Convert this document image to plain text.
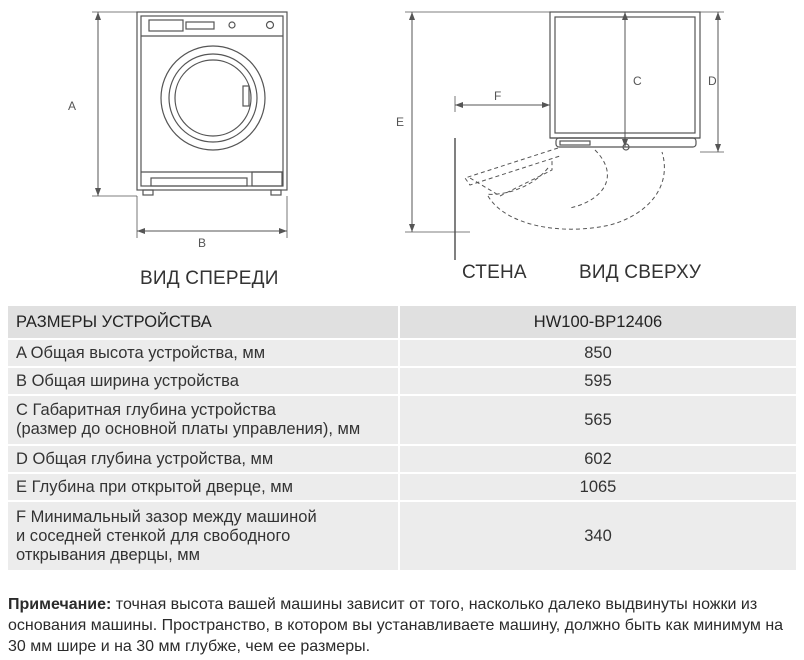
A
B
ВИД СПЕРЕДИ
C	D
E
F
СТЕНА	ВИД СВЕРХУ
РАЗМЕРЫ УСТРОЙСТВА	HW100-BP12406
A Общая высота устройства, мм	850
B Общая ширина устройства	595

C Габаритная глубина устройства
(размер до основной платы управления), мм	565
D Общая глубина устройства, мм	602
E Глубина при открытой дверце, мм	1065

F Минимальный зазор между машиной
и соседней стенкой для свободного
открывания дверцы, мм	340
Примечание: точная высота вашей машины зависит от того, насколько далеко выдвинуты ножки из основания машины. Пространство, в котором вы устанавливаете машину, должно быть как минимум на 30 мм шире и на 30 мм глубже, чем ее размеры.
